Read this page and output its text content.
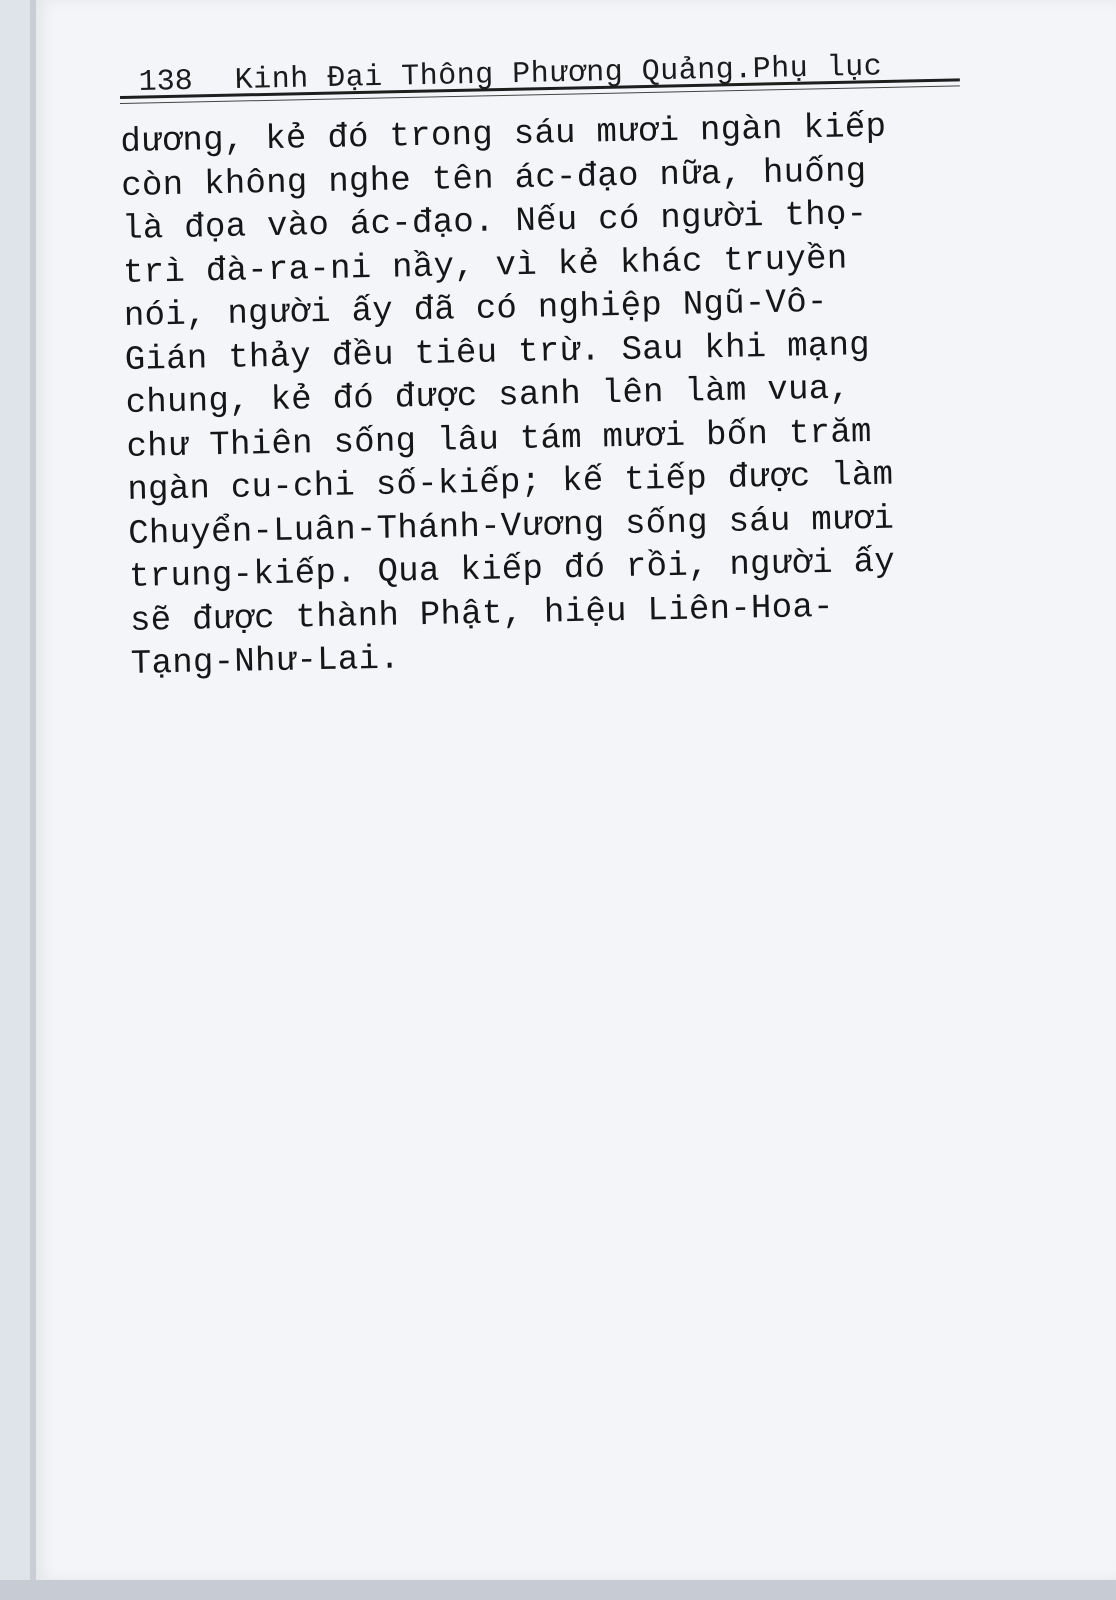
138 Kinh Đại Thông Phương Quảng.Phụ lục
dương, kẻ đó trong sáu mươi ngàn kiếp
còn không nghe tên ác-đạo nữa, huống
là đọa vào ác-đạo. Nếu có người thọ-
trì đà-ra-ni nầy, vì kẻ khác truyền
nói, người ấy đã có nghiệp Ngũ-Vô-
Gián thảy đều tiêu trừ. Sau khi mạng
chung, kẻ đó được sanh lên làm vua,
chư Thiên sống lâu tám mươi bốn trăm
ngàn cu-chi số-kiếp; kế tiếp được làm
Chuyển-Luân-Thánh-Vương sống sáu mươi
trung-kiếp. Qua kiếp đó rồi, người ấy
sẽ được thành Phật, hiệu Liên-Hoa-
Tạng-Như-Lai.
